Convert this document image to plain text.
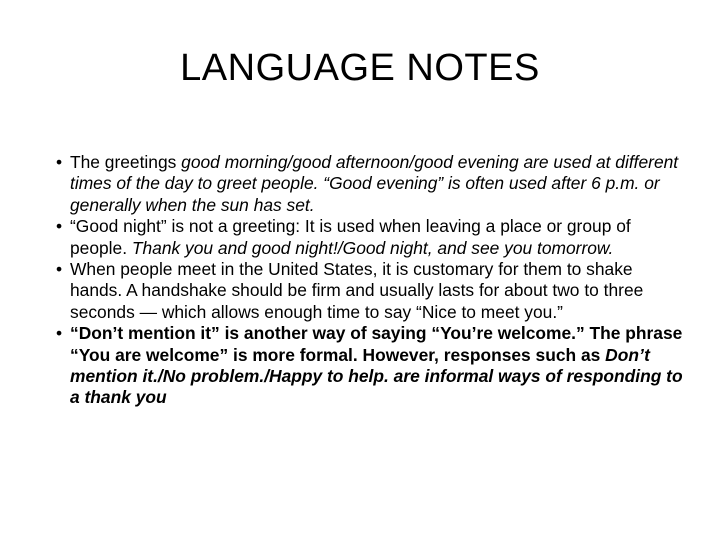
LANGUAGE NOTES
• The greetings good morning/good afternoon/good evening are used at different times of the day to greet people. “Good evening” is often used after 6 p.m. or generally when the sun has set.
• “Good night” is not a greeting: It is used when leaving a place or group of people. Thank you and good night!/Good night, and see you tomorrow.
• When people meet in the United States, it is customary for them to shake hands. A handshake should be firm and usually lasts for about two to three seconds — which allows enough time to say “Nice to meet you.”
• “Don’t mention it” is another way of saying “You’re welcome.” The phrase “You are welcome” is more formal. However, responses such as Don’t mention it./No problem./Happy to help. are informal ways of responding to a thank you
